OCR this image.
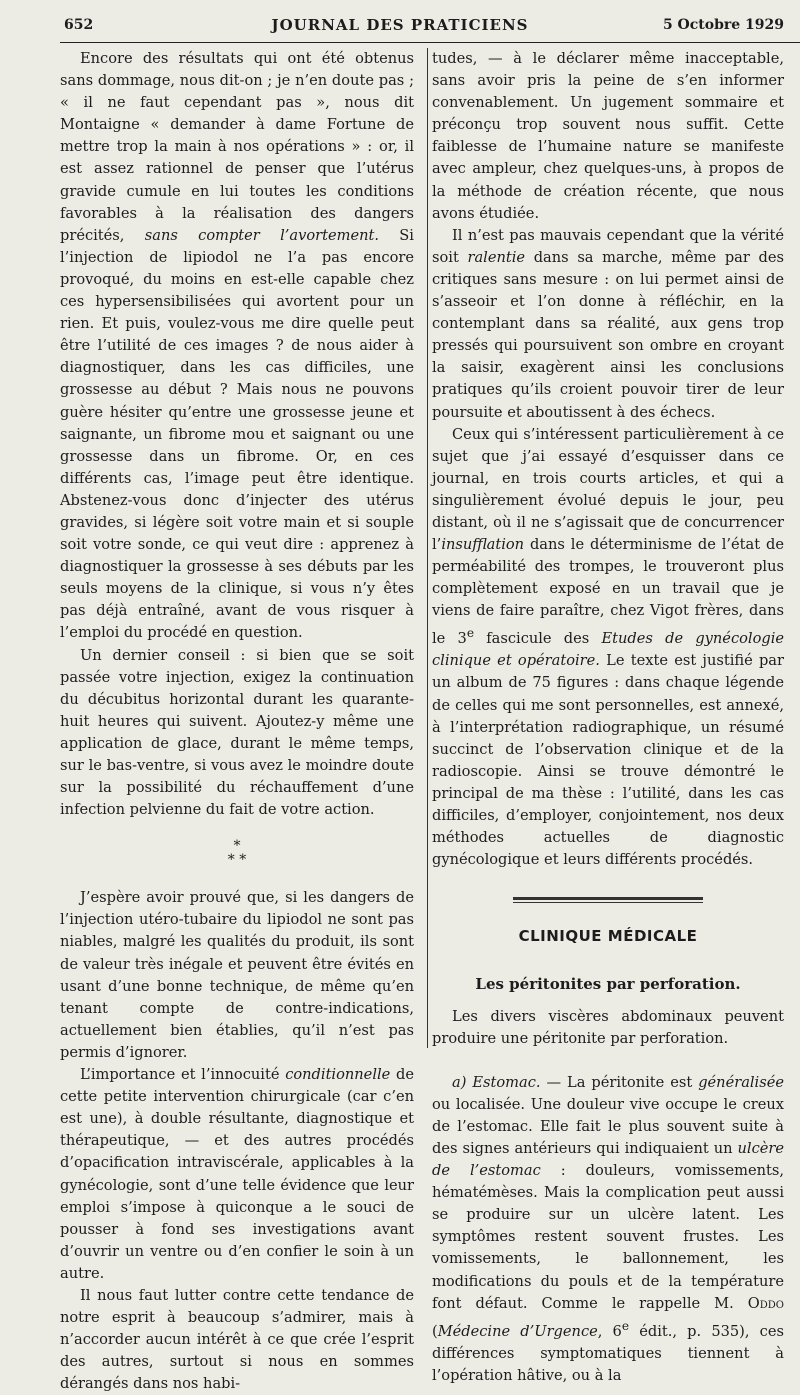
652	JOURNAL DES PRATICIENS	5 Octobre 1929

Encore des résultats qui ont été obtenus sans dommage, nous dit-on ; je n’en doute pas ; « il ne faut cependant pas », nous dit Montaigne « demander à dame Fortune de mettre trop la main à nos opérations » : or, il est assez rationnel de penser que l’utérus gravide cumule en lui toutes les conditions favorables à la réalisation des dangers précités, sans compter l’avortement. Si l’injection de lipiodol ne l’a pas encore provoqué, du moins en est-elle capable chez ces hypersensibilisées qui avortent pour un rien. Et puis, voulez-vous me dire quelle peut être l’utilité de ces images ? de nous aider à diagnostiquer, dans les cas difficiles, une grossesse au début ? Mais nous ne pouvons guère hésiter qu’entre une grossesse jeune et saignante, un fibrome mou et saignant ou une grossesse dans un fibrome. Or, en ces différents cas, l’image peut être identique. Abstenez-vous donc d’injecter des utérus gravides, si légère soit votre main et si souple soit votre sonde, ce qui veut dire : apprenez à diagnostiquer la grossesse à ses débuts par les seuls moyens de la clinique, si vous n’y êtes pas déjà entraîné, avant de vous risquer à l’emploi du procédé en question.

Un dernier conseil : si bien que se soit passée votre injection, exigez la continuation du décubitus horizontal durant les quarante-huit heures qui suivent. Ajoutez-y même une application de glace, durant le même temps, sur le bas-ventre, si vous avez le moindre doute sur la possibilité du réchauffement d’une infection pelvienne du fait de votre action.

*
* *

J’espère avoir prouvé que, si les dangers de l’injection utéro-tubaire du lipiodol ne sont pas niables, malgré les qualités du produit, ils sont de valeur très inégale et peuvent être évités en usant d’une bonne technique, de même qu’en tenant compte de contre-indications, actuellement bien établies, qu’il n’est pas permis d’ignorer.

L’importance et l’innocuité conditionnelle de cette petite intervention chirurgicale (car c’en est une), à double résultante, diagnostique et thérapeutique, — et des autres procédés d’opacification intraviscérale, applicables à la gynécologie, sont d’une telle évidence que leur emploi s’impose à quiconque a le souci de pousser à fond ses investigations avant d’ouvrir un ventre ou d’en confier le soin à un autre.

Il nous faut lutter contre cette tendance de notre esprit à beaucoup s’admirer, mais à n’accorder aucun intérêt à ce que crée l’esprit des autres, surtout si nous en sommes dérangés dans nos habi-

tudes, — à le déclarer même inacceptable, sans avoir pris la peine de s’en informer convenablement. Un jugement sommaire et préconçu trop souvent nous suffit. Cette faiblesse de l’humaine nature se manifeste avec ampleur, chez quelques-uns, à propos de la méthode de création récente, que nous avons étudiée.

Il n’est pas mauvais cependant que la vérité soit ralentie dans sa marche, même par des critiques sans mesure : on lui permet ainsi de s’asseoir et l’on donne à réfléchir, en la contemplant dans sa réalité, aux gens trop pressés qui poursuivent son ombre en croyant la saisir, exagèrent ainsi les conclusions pratiques qu’ils croient pouvoir tirer de leur poursuite et aboutissent à des échecs.

Ceux qui s’intéressent particulièrement à ce sujet que j’ai essayé d’esquisser dans ce journal, en trois courts articles, et qui a singulièrement évolué depuis le jour, peu distant, où il ne s’agissait que de concurrencer l’insufflation dans le déterminisme de l’état de perméabilité des trompes, le trouveront plus complètement exposé en un travail que je viens de faire paraître, chez Vigot frères, dans le 3e fascicule des Etudes de gynécologie clinique et opératoire. Le texte est justifié par un album de 75 figures : dans chaque légende de celles qui me sont personnelles, est annexé, à l’interprétation radiographique, un résumé succinct de l’observation clinique et de la radioscopie. Ainsi se trouve démontré le principal de ma thèse : l’utilité, dans les cas difficiles, d’employer, conjointement, nos deux méthodes actuelles de diagnostic gynécologique et leurs différents procédés.

CLINIQUE MÉDICALE
Les péritonites par perforation.

Les divers viscères abdominaux peuvent produire une péritonite par perforation.

a) Estomac. — La péritonite est généralisée ou localisée. Une douleur vive occupe le creux de l’estomac. Elle fait le plus souvent suite à des signes antérieurs qui indiquaient un ulcère de l’estomac : douleurs, vomissements, hématémèses. Mais la complication peut aussi se produire sur un ulcère latent. Les symptômes restent souvent frustes. Les vomissements, le ballonnement, les modifications du pouls et de la température font défaut. Comme le rappelle M. Oddo (Médecine d’Urgence, 6e édit., p. 535), ces différences symptomatiques tiennent à l’opération hâtive, ou à la
